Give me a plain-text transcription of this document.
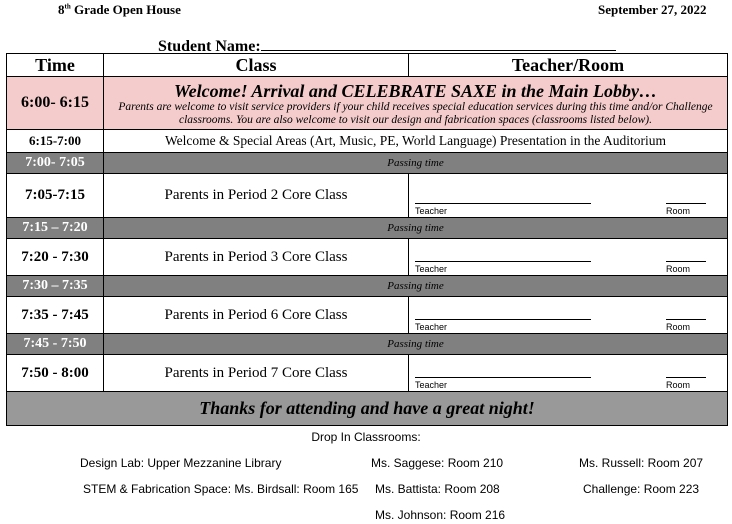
8th Grade Open House	September 27, 2022
Student Name:
Time	Class	Teacher/Room
6:00- 6:15	Welcome! Arrival and CELEBRATE SAXE in the Main Lobby…
Parents are welcome to visit service providers if your child receives special education services during this time and/or Challenge classrooms. You are also welcome to visit our design and fabrication spaces (classrooms listed below).	

6:15-7:00	Welcome & Special Areas (Art, Music, PE, World Language) Presentation in the Auditorium	
7:00- 7:05	Passing time	
7:05-7:15	Parents in Period 2 Core Class	Teacher Room

7:15 – 7:20	Passing time	
7:20 - 7:30	Parents in Period 3 Core Class	Teacher Room

7:30 – 7:35	Passing time	
7:35 - 7:45	Parents in Period 6 Core Class	Teacher Room

7:45 - 7:50	Passing time	
7:50 - 8:00	Parents in Period 7 Core Class	Teacher Room

Thanks for attending and have a great night!		
Drop In Classrooms:
Design Lab: Upper Mezzanine Library	Ms. Saggese: Room 210	Ms. Russell: Room 207
STEM & Fabrication Space: Ms. Birdsall: Room 165 Ms. Battista: Room 208	Challenge: Room 223
Ms. Johnson: Room 216
